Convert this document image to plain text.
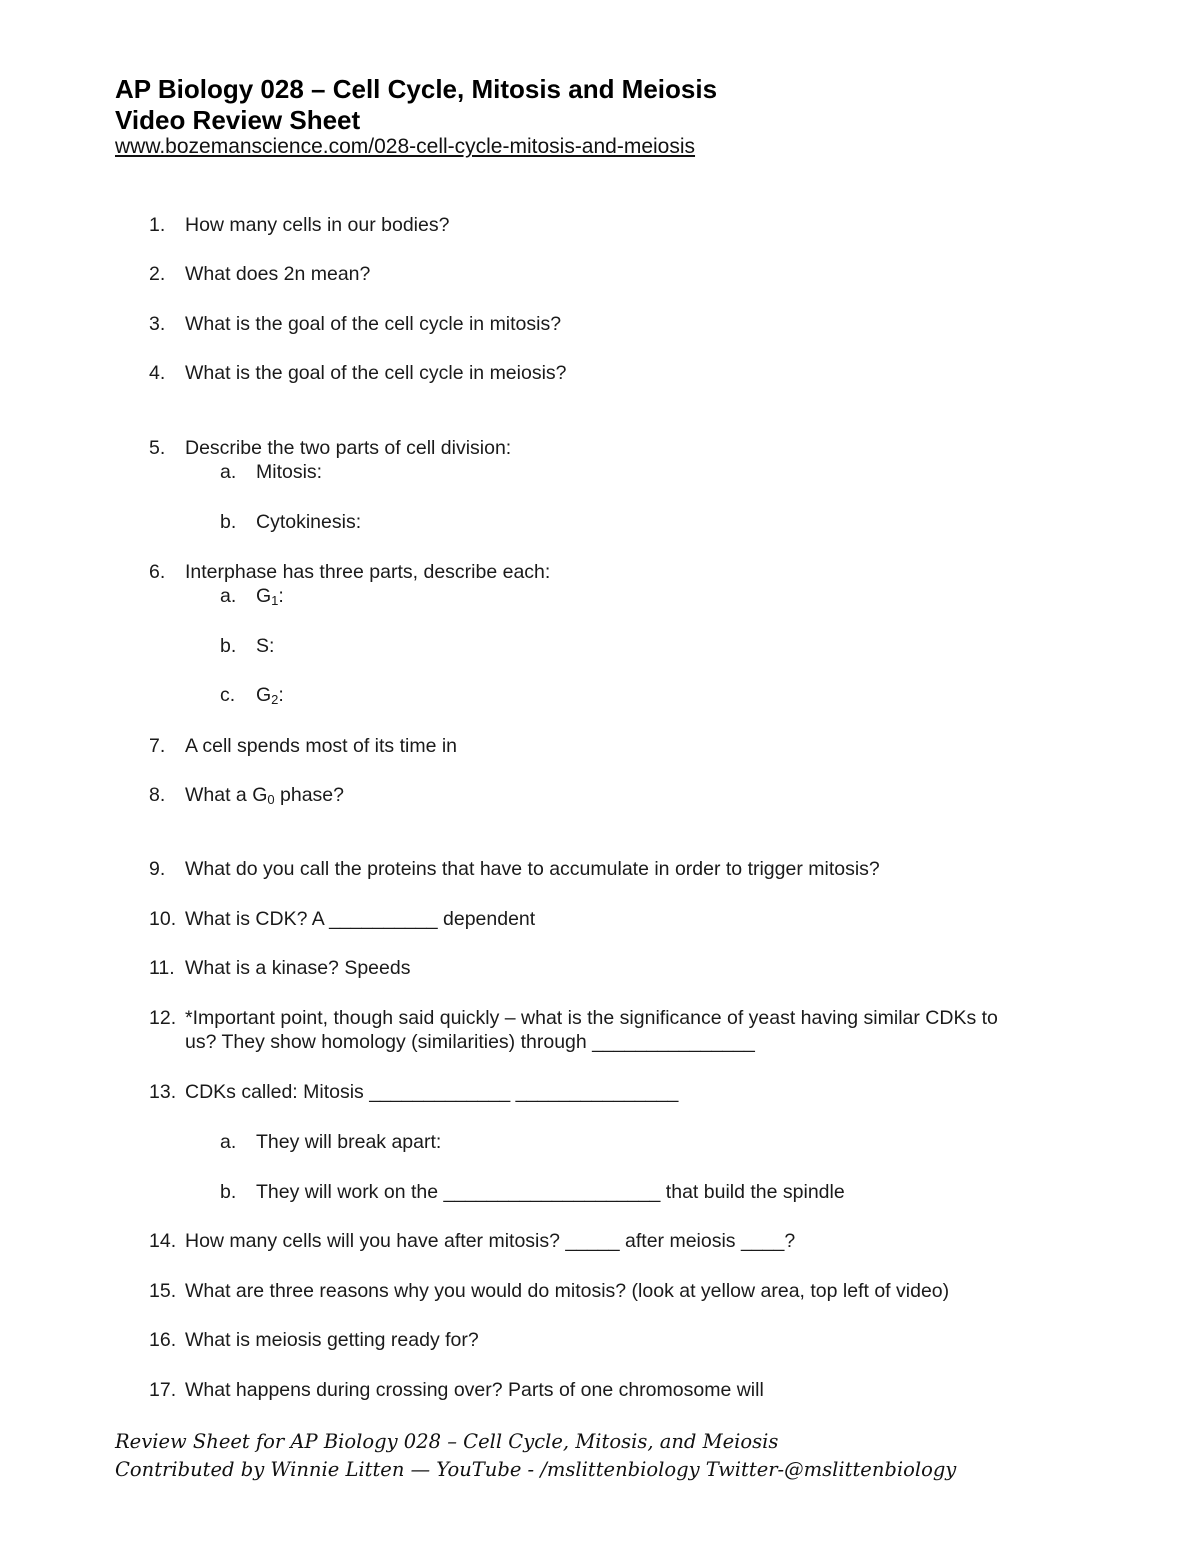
AP Biology 028 – Cell Cycle, Mitosis and Meiosis
Video Review Sheet
www.bozemanscience.com/028-cell-cycle-mitosis-and-meiosis
1. How many cells in our bodies?
2. What does 2n mean?
3. What is the goal of the cell cycle in mitosis?
4. What is the goal of the cell cycle in meiosis?
5. Describe the two parts of cell division:
a. Mitosis:
b. Cytokinesis:
6. Interphase has three parts, describe each:
a. $G_1$:
b. S:
c. $G_2$:
7. A cell spends most of its time in
8. What a $G_0$ phase?
9. What do you call the proteins that have to accumulate in order to trigger mitosis?
10. What is CDK? A __________ dependent
11. What is a kinase? Speeds
12. *Important point, though said quickly – what is the significance of yeast having similar CDKs to
us? They show homology (similarities) through _______________
13. CDKs called: Mitosis _____________ _______________
a. They will break apart:
b. They will work on the ____________________ that build the spindle
14. How many cells will you have after mitosis? _____ after meiosis ____?
15. What are three reasons why you would do mitosis? (look at yellow area, top left of video)
16. What is meiosis getting ready for?
17. What happens during crossing over? Parts of one chromosome will
Review Sheet for AP Biology 028 – Cell Cycle, Mitosis, and Meiosis
Contributed by Winnie Litten — YouTube - /mslittenbiology Twitter-@mslittenbiology
